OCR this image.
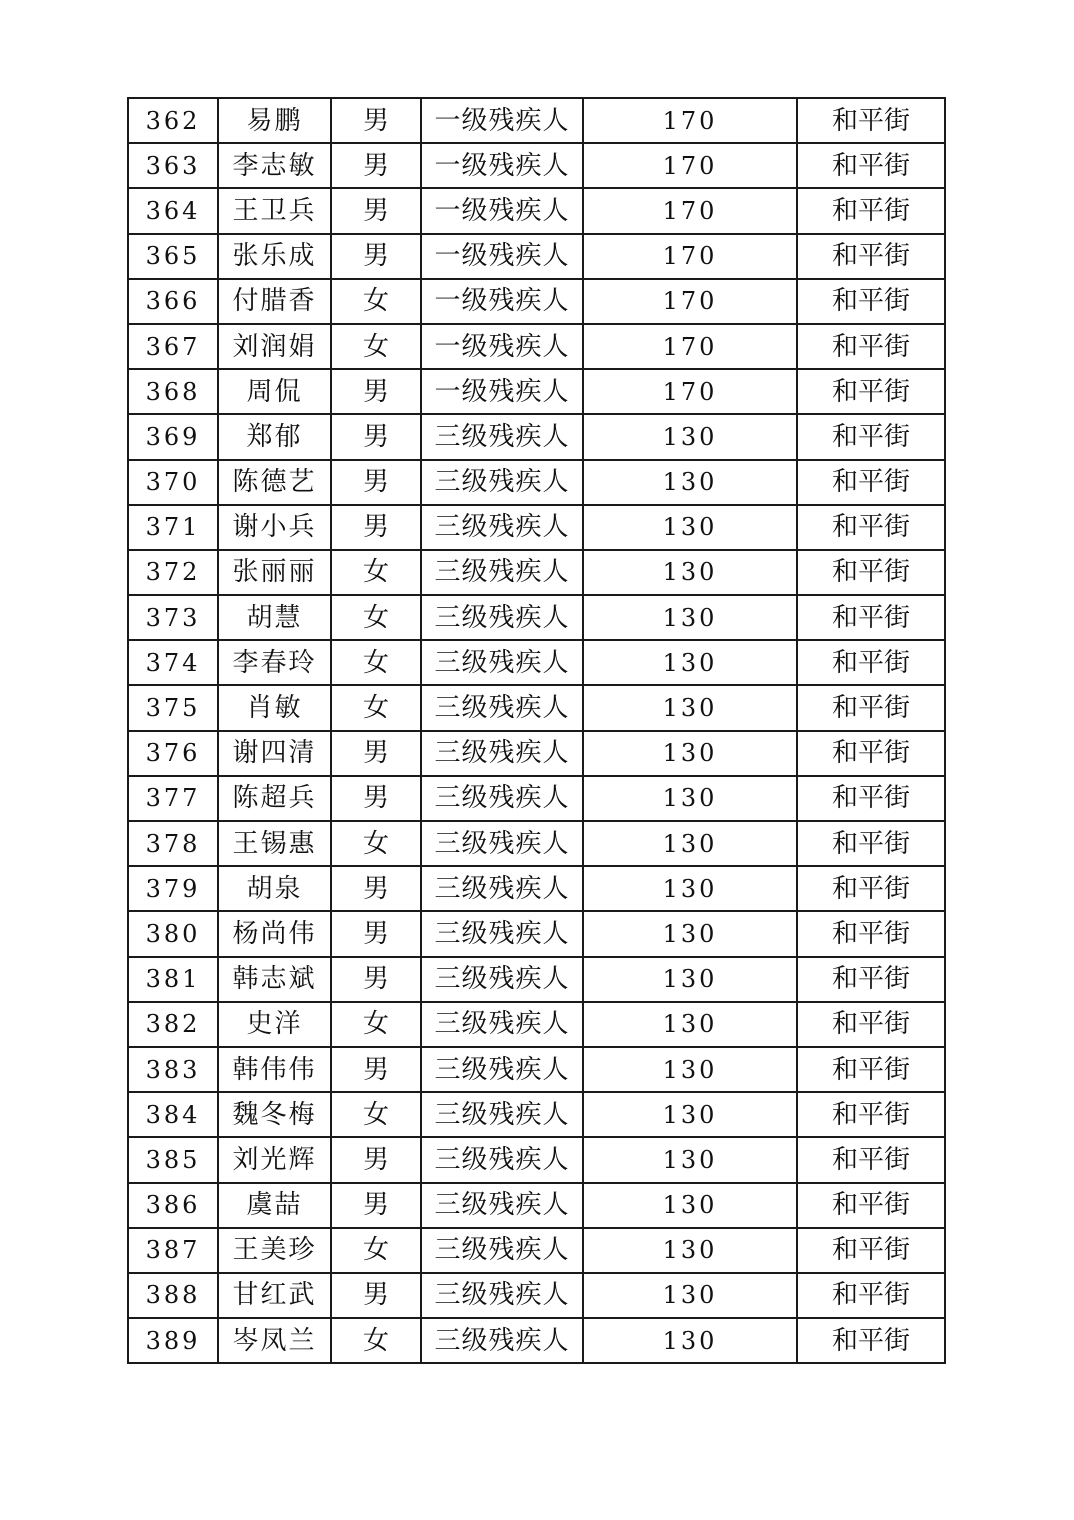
362	易鹏	男	一级残疾人	170	和平街
363	李志敏	男	一级残疾人	170	和平街
364	王卫兵	男	一级残疾人	170	和平街
365	张乐成	男	一级残疾人	170	和平街
366	付腊香	女	一级残疾人	170	和平街
367	刘润娟	女	一级残疾人	170	和平街
368	周侃	男	一级残疾人	170	和平街
369	郑郁	男	三级残疾人	130	和平街
370	陈德艺	男	三级残疾人	130	和平街
371	谢小兵	男	三级残疾人	130	和平街
372	张丽丽	女	三级残疾人	130	和平街
373	胡慧	女	三级残疾人	130	和平街
374	李春玲	女	三级残疾人	130	和平街
375	肖敏	女	三级残疾人	130	和平街
376	谢四清	男	三级残疾人	130	和平街
377	陈超兵	男	三级残疾人	130	和平街
378	王锡惠	女	三级残疾人	130	和平街
379	胡泉	男	三级残疾人	130	和平街
380	杨尚伟	男	三级残疾人	130	和平街
381	韩志斌	男	三级残疾人	130	和平街
382	史洋	女	三级残疾人	130	和平街
383	韩伟伟	男	三级残疾人	130	和平街
384	魏冬梅	女	三级残疾人	130	和平街
385	刘光辉	男	三级残疾人	130	和平街
386	虞喆	男	三级残疾人	130	和平街
387	王美珍	女	三级残疾人	130	和平街
388	甘红武	男	三级残疾人	130	和平街
389	岑凤兰	女	三级残疾人	130	和平街
